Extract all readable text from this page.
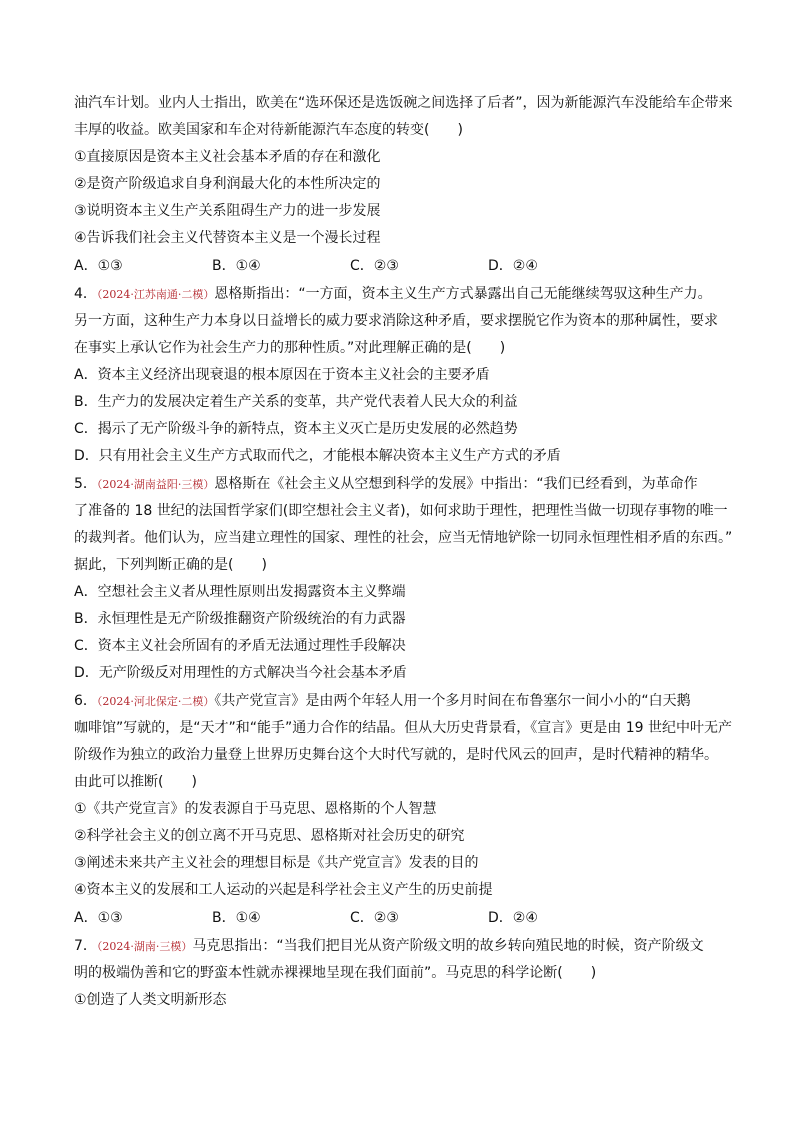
油汽车计划。业内人士指出，欧美在“选环保还是选饭碗之间选择了后者”，因为新能源汽车没能给车企带来
丰厚的收益。欧美国家和车企对待新能源汽车态度的转变(　　)
①直接原因是资本主义社会基本矛盾的存在和激化
②是资产阶级追求自身利润最大化的本性所决定的
③说明资本主义生产关系阻碍生产力的进一步发展
④告诉我们社会主义代替资本主义是一个漫长过程
A．①③	B．①④	C．②③	D．②④
4．（2024·江苏南通·二模）恩格斯指出：“一方面，资本主义生产方式暴露出自己无能继续驾驭这种生产力。
另一方面，这种生产力本身以日益增长的威力要求消除这种矛盾，要求摆脱它作为资本的那种属性，要求
在事实上承认它作为社会生产力的那种性质。”对此理解正确的是(　　)
A．资本主义经济出现衰退的根本原因在于资本主义社会的主要矛盾
B．生产力的发展决定着生产关系的变革，共产党代表着人民大众的利益
C．揭示了无产阶级斗争的新特点，资本主义灭亡是历史发展的必然趋势
D．只有用社会主义生产方式取而代之，才能根本解决资本主义生产方式的矛盾
5．（2024·湖南益阳·三模）恩格斯在《社会主义从空想到科学的发展》中指出：“我们已经看到，为革命作
了准备的 18 世纪的法国哲学家们(即空想社会主义者)，如何求助于理性，把理性当做一切现存事物的唯一
的裁判者。他们认为，应当建立理性的国家、理性的社会，应当无情地铲除一切同永恒理性相矛盾的东西。”
据此，下列判断正确的是(　　)
A．空想社会主义者从理性原则出发揭露资本主义弊端
B．永恒理性是无产阶级推翻资产阶级统治的有力武器
C．资本主义社会所固有的矛盾无法通过理性手段解决
D．无产阶级反对用理性的方式解决当今社会基本矛盾
6．（2024·河北保定·二模）《共产党宣言》是由两个年轻人用一个多月时间在布鲁塞尔一间小小的“白天鹅
咖啡馆”写就的，是“天才”和“能手”通力合作的结晶。但从大历史背景看，《宣言》更是由 19 世纪中叶无产
阶级作为独立的政治力量登上世界历史舞台这个大时代写就的，是时代风云的回声，是时代精神的精华。
由此可以推断(　　)
①《共产党宣言》的发表源自于马克思、恩格斯的个人智慧
②科学社会主义的创立离不开马克思、恩格斯对社会历史的研究
③阐述未来共产主义社会的理想目标是《共产党宣言》发表的目的
④资本主义的发展和工人运动的兴起是科学社会主义产生的历史前提
A．①③	B．①④	C．②③	D．②④
7．（2024·湖南·三模）马克思指出：“当我们把目光从资产阶级文明的故乡转向殖民地的时候，资产阶级文
明的极端伪善和它的野蛮本性就赤裸裸地呈现在我们面前”。马克思的科学论断(　　)
①创造了人类文明新形态
